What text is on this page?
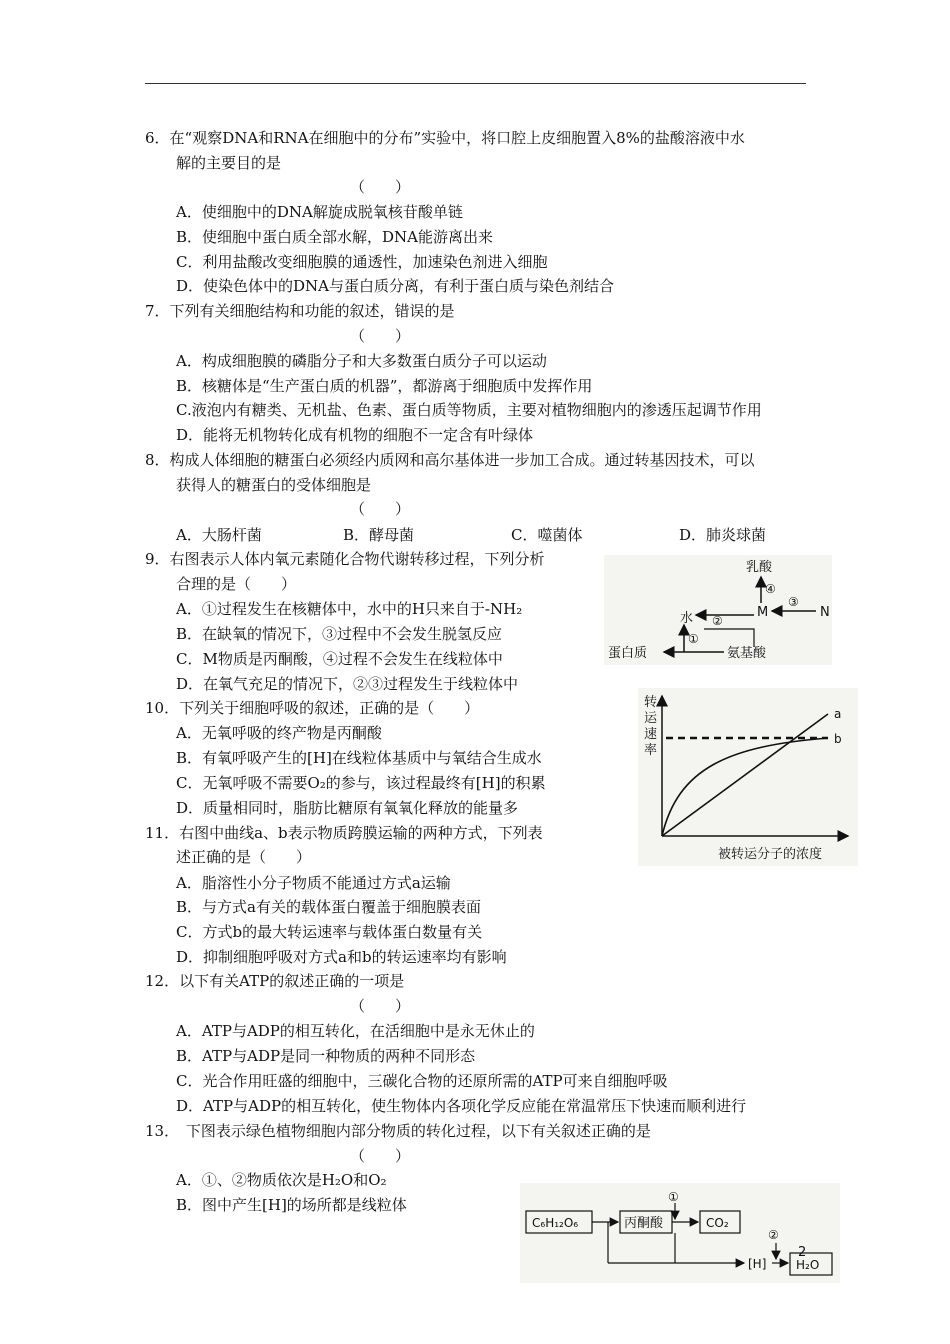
6．在“观察DNA和RNA在细胞中的分布”实验中，将口腔上皮细胞置入8%的盐酸溶液中水
解的主要目的是
（　　）
A．使细胞中的DNA解旋成脱氧核苷酸单链
B．使细胞中蛋白质全部水解，DNA能游离出来
C．利用盐酸改变细胞膜的通透性，加速染色剂进入细胞
D．使染色体中的DNA与蛋白质分离，有利于蛋白质与染色剂结合
7．下列有关细胞结构和功能的叙述，错误的是
（　　）
A．构成细胞膜的磷脂分子和大多数蛋白质分子可以运动
B．核糖体是“生产蛋白质的机器”，都游离于细胞质中发挥作用
C.液泡内有糖类、无机盐、色素、蛋白质等物质，主要对植物细胞内的渗透压起调节作用
D．能将无机物转化成有机物的细胞不一定含有叶绿体
8．构成人体细胞的糖蛋白必须经内质网和高尔基体进一步加工合成。通过转基因技术，可以
获得人的糖蛋白的受体细胞是
（　　）
A．大肠杆菌	B．酵母菌	C．噬菌体	D．肺炎球菌
9．右图表示人体内氧元素随化合物代谢转移过程，下列分析
合理的是（　　）
A．①过程发生在核糖体中，水中的H只来自于-NH₂
B．在缺氧的情况下，③过程中不会发生脱氢反应
C．M物质是丙酮酸，④过程不会发生在线粒体中
D．在氧气充足的情况下，②③过程发生于线粒体中
10．下列关于细胞呼吸的叙述，正确的是（　　）
A．无氧呼吸的终产物是丙酮酸
B．有氧呼吸产生的[H]在线粒体基质中与氧结合生成水
C．无氧呼吸不需要O₂的参与，该过程最终有[H]的积累
D．质量相同时，脂肪比糖原有氧氧化释放的能量多
11．右图中曲线a、b表示物质跨膜运输的两种方式，下列表
述正确的是（　　）
A．脂溶性小分子物质不能通过方式a运输
B．与方式a有关的载体蛋白覆盖于细胞膜表面
C．方式b的最大转运速率与载体蛋白数量有关
D．抑制细胞呼吸对方式a和b的转运速率均有影响
12．以下有关ATP的叙述正确的一项是
（　　）
A．ATP与ADP的相互转化，在活细胞中是永无休止的
B．ATP与ADP是同一种物质的两种不同形态
C．光合作用旺盛的细胞中，三碳化合物的还原所需的ATP可来自细胞呼吸
D．ATP与ADP的相互转化，使生物体内各项化学反应能在常温常压下快速而顺利进行
13． 下图表示绿色植物细胞内部分物质的转化过程，以下有关叙述正确的是
（　　）
A．①、②物质依次是H₂O和O₂
B．图中产生[H]的场所都是线粒体
乳酸
M	N
水
蛋白质	氨基酸
④
③
②
①
转
运
速
率
a
b
被转运分子的浓度
C₆H₁₂O₆	丙酮酸	CO₂
①
[H]
②
H₂O
2
